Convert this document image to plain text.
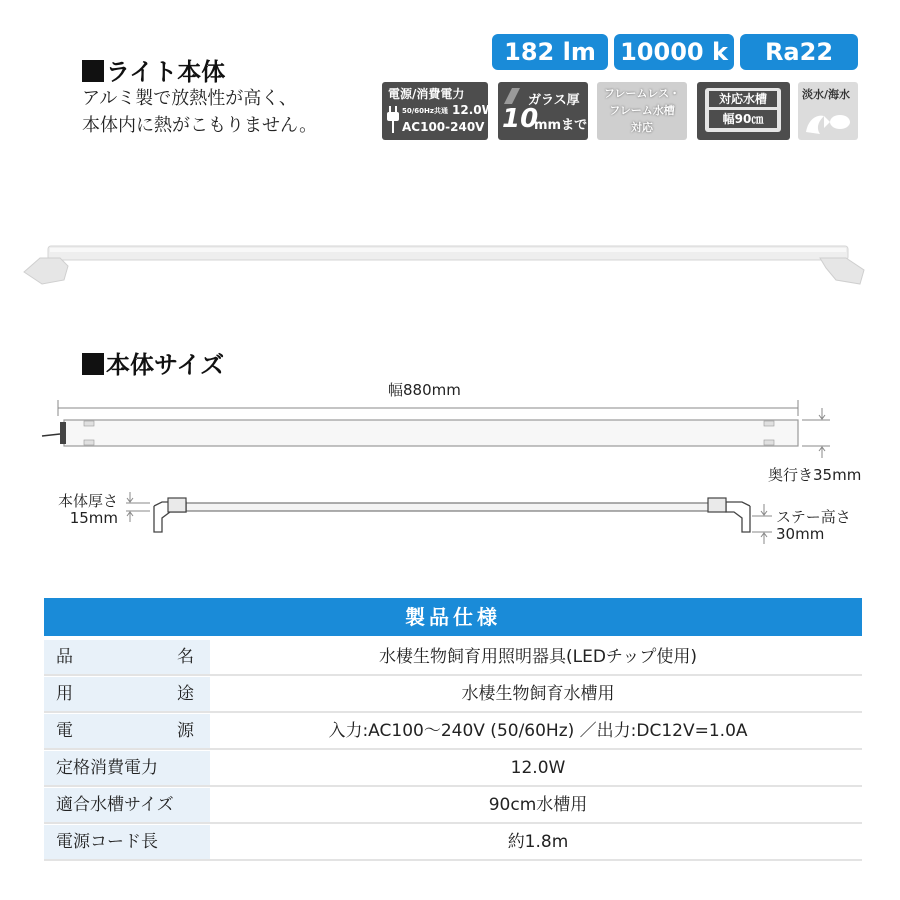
ライト本体
アルミ製で放熱性が高く、
本体内に熱がこもりません。
182 lm	10000 k	Ra22
電源/消費電力
50/60Hz共通 12.0W
AC100-240V
ガラス厚
10
mmまで
フレームレス・
フレーム水槽
対応
対応水槽
幅90㎝
淡水/海水
本体サイズ
幅880mm
奥行き35mm
本体厚さ
15mm	ステー高さ
30mm
製品仕様
品名	水棲生物飼育用照明器具(LEDチップ使用)
用途	水棲生物飼育水槽用
電源	入力:AC100〜240V (50/60Hz) ／出力:DC12V=1.0A
定格消費電力	12.0W
適合水槽サイズ	90cm水槽用
電源コード長	約1.8m
